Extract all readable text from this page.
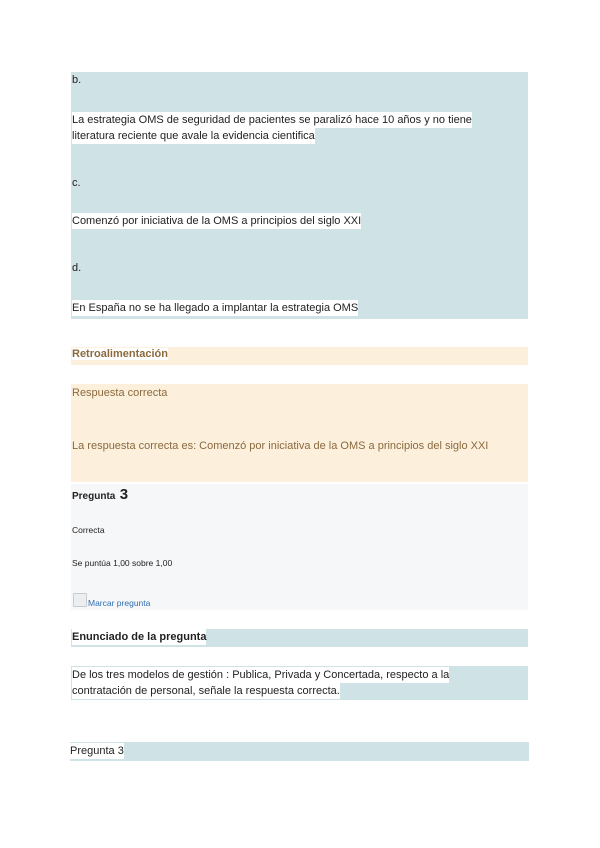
b.
La estrategia OMS de seguridad de pacientes se paralizó hace 10 años y no tiene
literatura reciente que avale la evidencia cientifica
c.
Comenzó por iniciativa de la OMS a principios del siglo XXI
d.
En España no se ha llegado a implantar la estrategia OMS
Retroalimentación
Respuesta correcta
La respuesta correcta es: Comenzó por iniciativa de la OMS a principios del siglo XXI
Pregunta 3
Correcta
Se puntúa 1,00 sobre 1,00
Marcar pregunta
Enunciado de la pregunta
De los tres modelos de gestión : Publica, Privada y Concertada, respecto a la
contratación de personal, señale la respuesta correcta.
Pregunta 3
